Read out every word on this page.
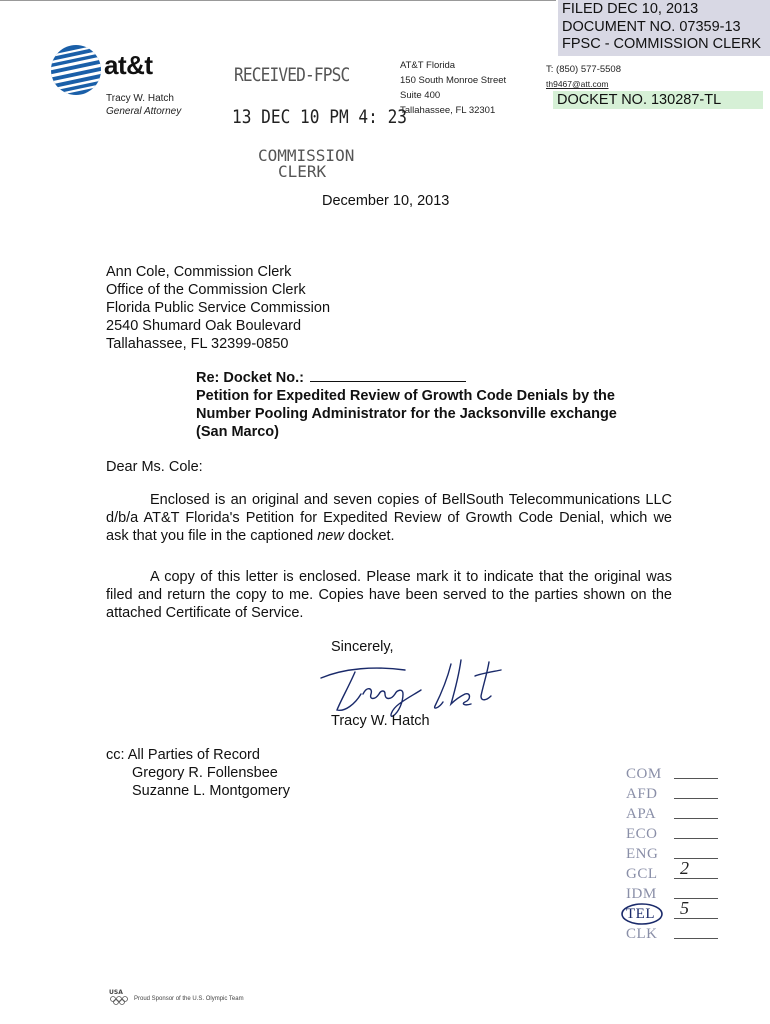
FILED DEC 10, 2013
DOCUMENT NO. 07359-13
FPSC - COMMISSION CLERK
DOCKET NO. 130287-TL
at&t
Tracy W. Hatch
General Attorney
AT&T Florida
150 South Monroe Street
Suite 400
Tallahassee, FL 32301
T: (850) 577-5508
th9467@att.com
RECEIVED-FPSC
13 DEC 10 PM 4: 23
COMMISSION
CLERK
December 10, 2013
Ann Cole, Commission Clerk
Office of the Commission Clerk
Florida Public Service Commission
2540 Shumard Oak Boulevard
Tallahassee, FL 32399-0850
Re: Docket No.:
Petition for Expedited Review of Growth Code Denials by the
Number Pooling Administrator for the Jacksonville exchange
(San Marco)
Dear Ms. Cole:

Enclosed is an original and seven copies of BellSouth Telecommunications LLC d/b/a AT&T Florida's Petition for Expedited Review of Growth Code Denial, which we ask that you file in the captioned new docket.

A copy of this letter is enclosed. Please mark it to indicate that the original was filed and return the copy to me. Copies have been served to the parties shown on the attached Certificate of Service.

Sincerely,
Tracy W. Hatch
cc: All Parties of Record
Gregory R. Follensbee
Suzanne L. Montgomery
COM
AFD
APA
ECO
ENG
GCL 2
IDM
TEL 5
CLK
USA
Proud Sponsor of the U.S. Olympic Team
